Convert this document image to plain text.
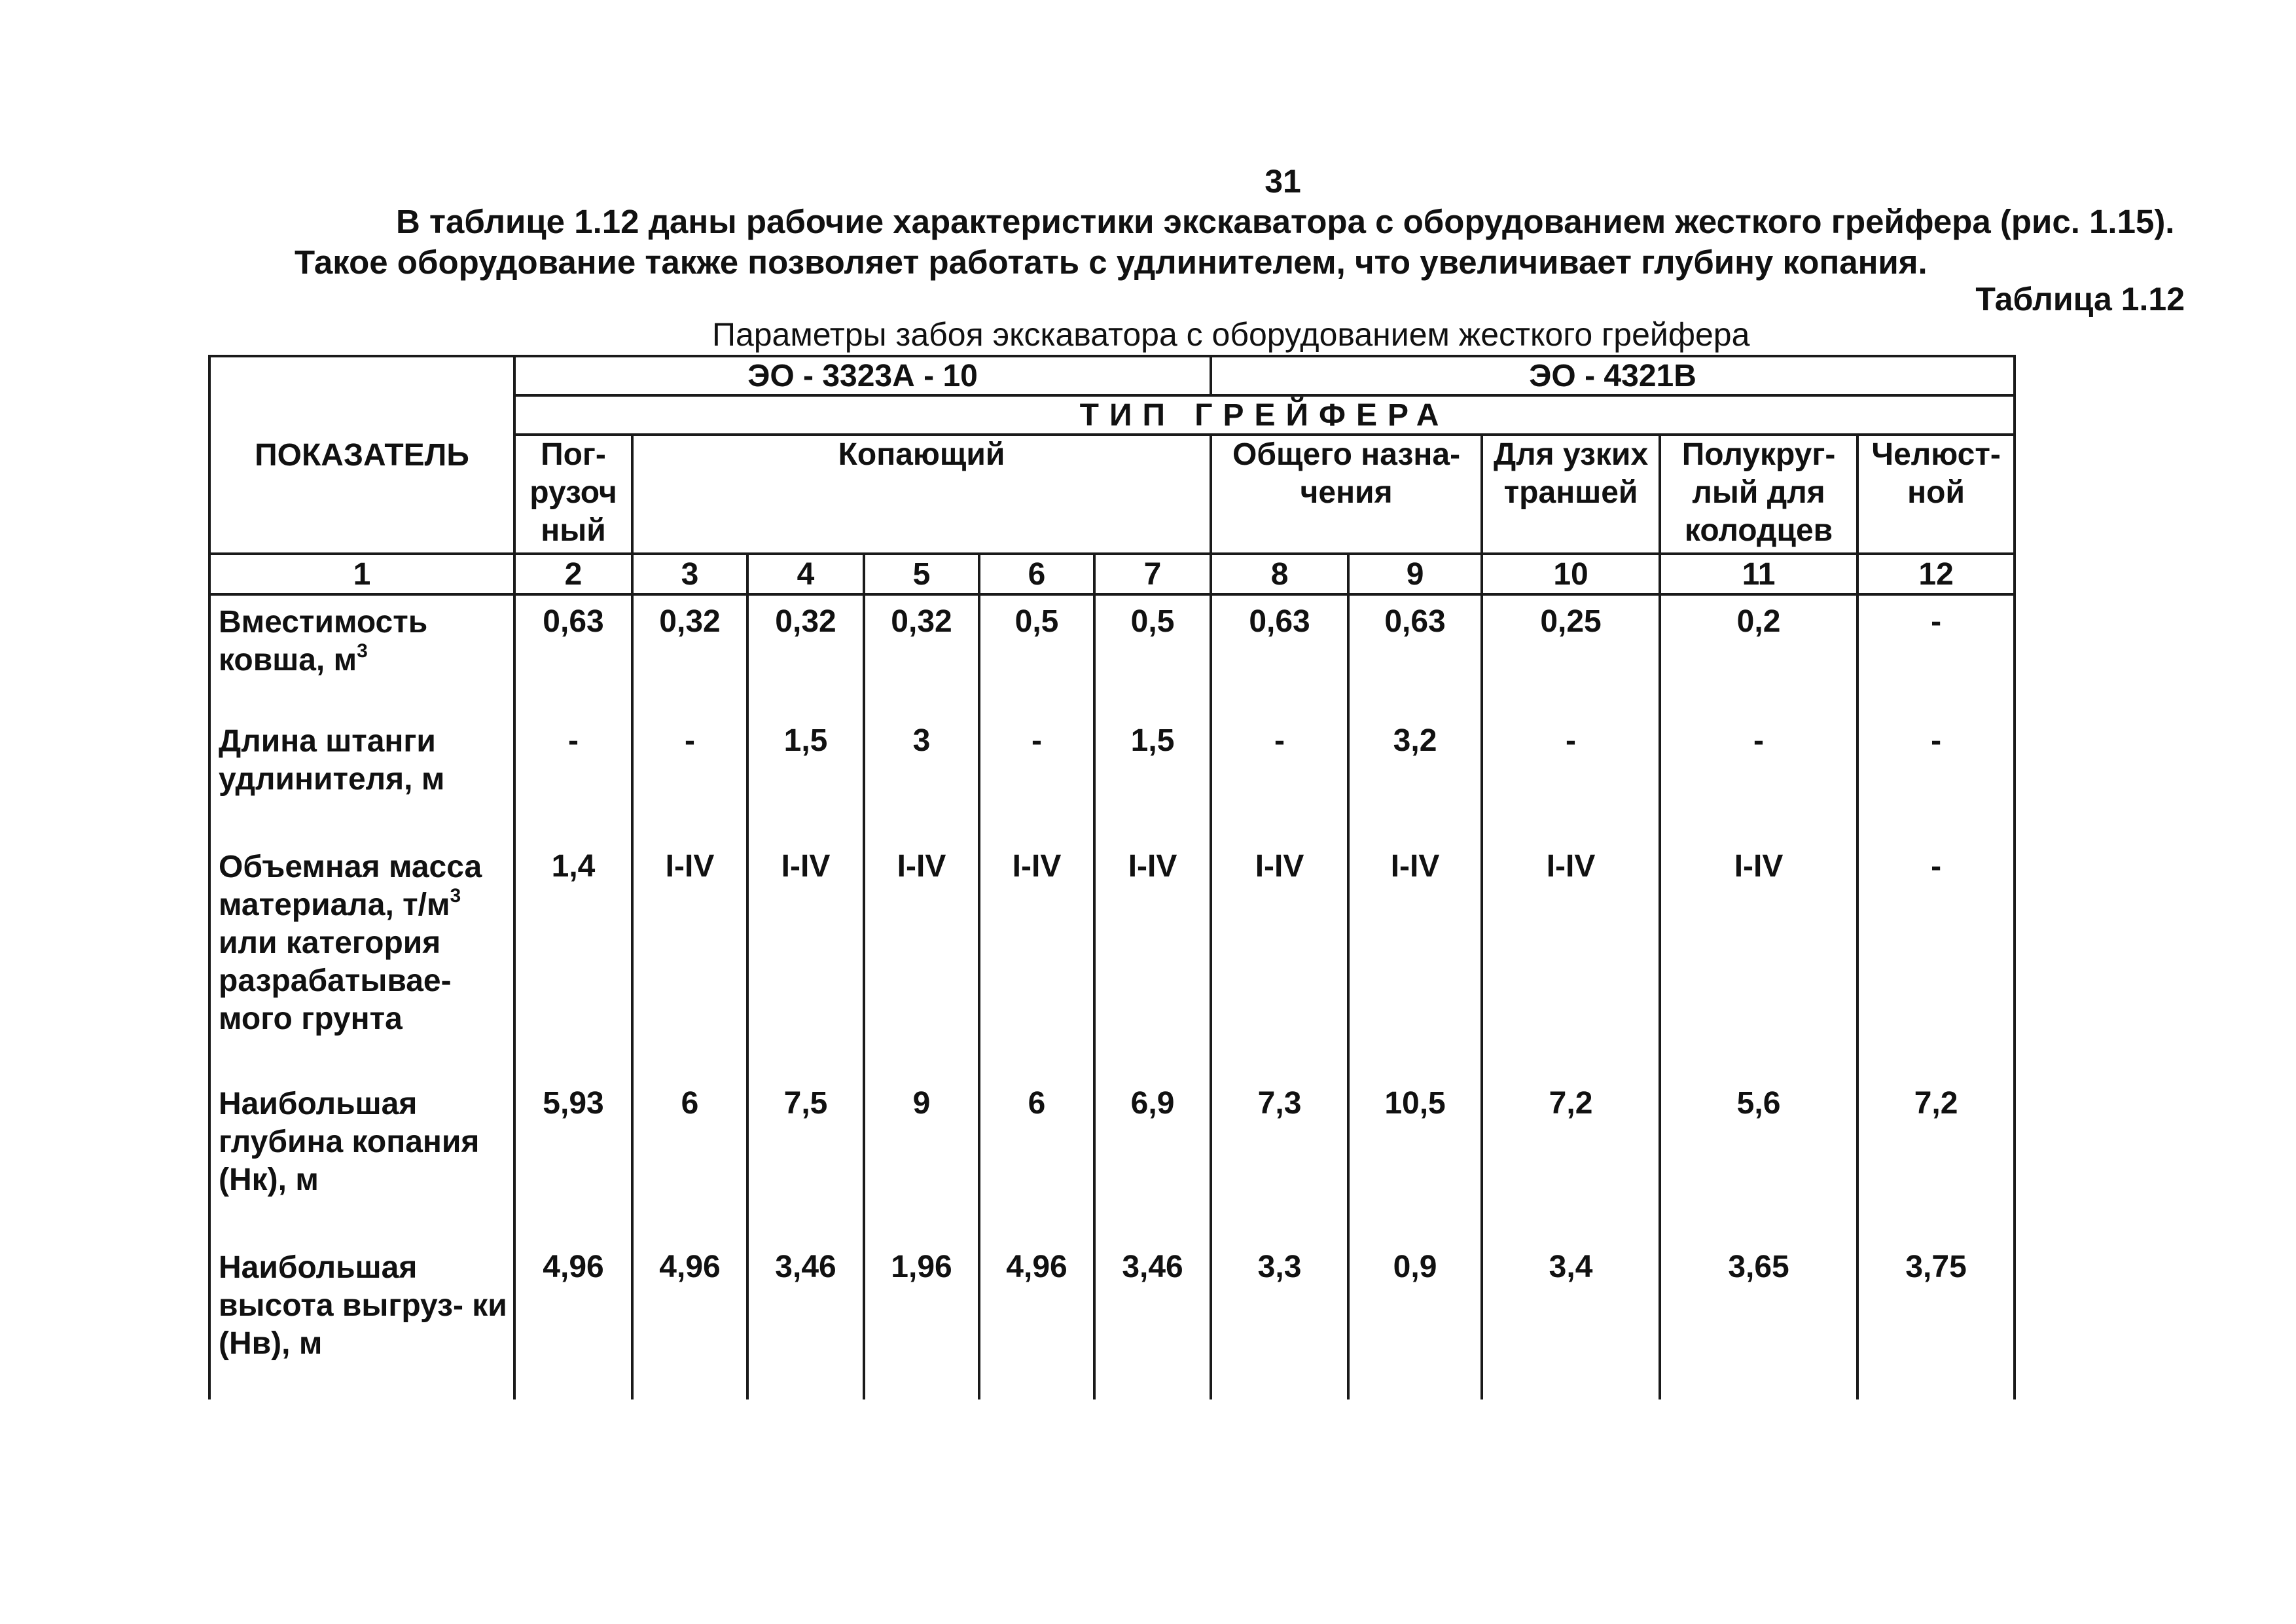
31
В таблице 1.12 даны рабочие характеристики экскаватора с оборудованием жесткого грейфера (рис. 1.15).
Такое оборудование также позволяет работать с удлинителем, что увеличивает глубину копания.
Таблица 1.12
Параметры забоя экскаватора с оборудованием жесткого грейфера
ПОКАЗАТЕЛЬ	ЭО - 3323А - 10						ЭО - 4321В				
	ТИП ГРЕЙФЕРА										
	Пог- рузоч ный	Копающий					Общего назна- чения		Для узких траншей	Полукруг- лый для колодцев	Челюст- ной
1	2	3	4	5	6	7	8	9	10	11	12
Вместимость ковша, $м^3$	0,63	0,32	0,32	0,32	0,5	0,5	0,63	0,63	0,25	0,2	-
Длина штанги удлинителя, м	-	-	1,5	3	-	1,5	-	3,2	-	-	-
Объемная масса материала, $т/м^3$ или категория разрабатывае- мого грунта	1,4	I-IV	I-IV	I-IV	I-IV	I-IV	I-IV	I-IV	I-IV	I-IV	-
Наибольшая глубина копания (Нк), м	5,93	6	7,5	9	6	6,9	7,3	10,5	7,2	5,6	7,2
Наибольшая высота выгруз- ки (Нв), м	4,96	4,96	3,46	1,96	4,96	3,46	3,3	0,9	3,4	3,65	3,75
